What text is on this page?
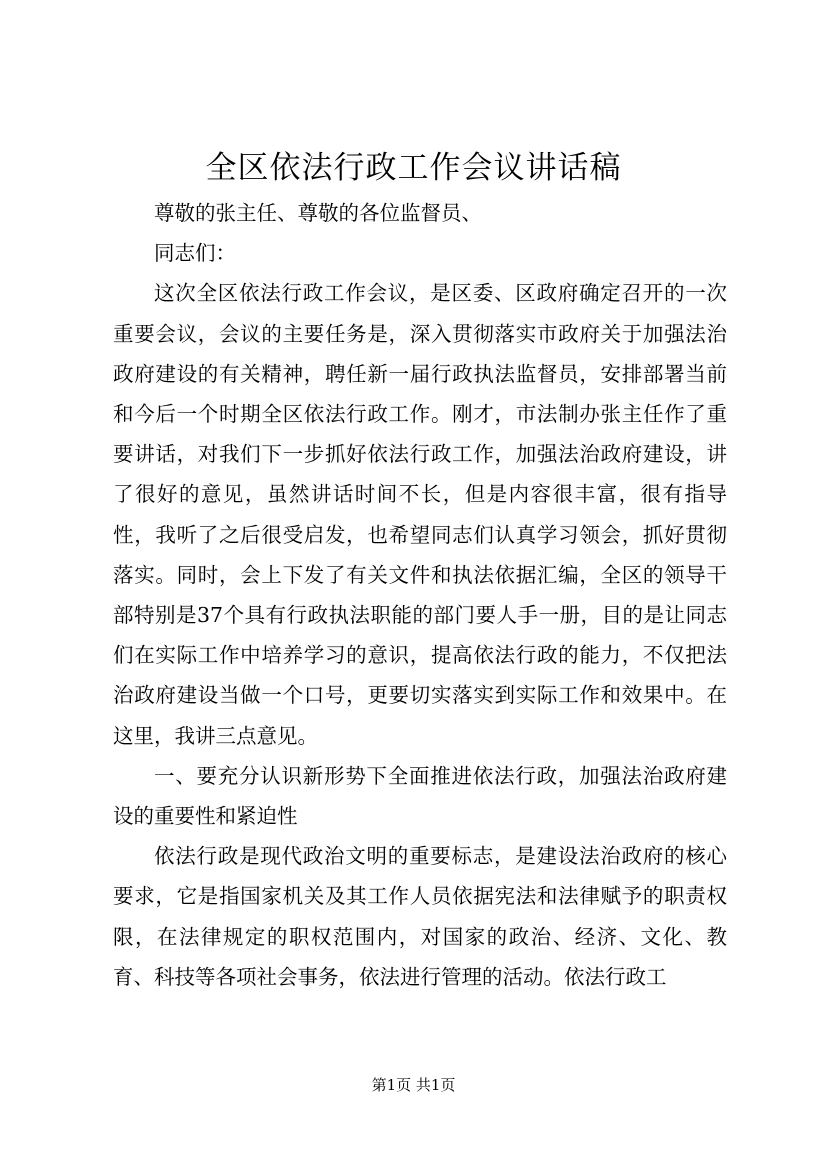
全区依法行政工作会议讲话稿

尊敬的张主任、尊敬的各位监督员、

同志们：

这次全区依法行政工作会议，是区委、区政府确定召开的一次重要会议，会议的主要任务是，深入贯彻落实市政府关于加强法治政府建设的有关精神，聘任新一届行政执法监督员，安排部署当前和今后一个时期全区依法行政工作。刚才，市法制办张主任作了重要讲话，对我们下一步抓好依法行政工作，加强法治政府建设，讲了很好的意见，虽然讲话时间不长，但是内容很丰富，很有指导性，我听了之后很受启发，也希望同志们认真学习领会，抓好贯彻落实。同时，会上下发了有关文件和执法依据汇编，全区的领导干部特别是37个具有行政执法职能的部门要人手一册，目的是让同志们在实际工作中培养学习的意识，提高依法行政的能力，不仅把法治政府建设当做一个口号，更要切实落实到实际工作和效果中。在这里，我讲三点意见。

一、要充分认识新形势下全面推进依法行政，加强法治政府建设的重要性和紧迫性

依法行政是现代政治文明的重要标志，是建设法治政府的核心要求，它是指国家机关及其工作人员依据宪法和法律赋予的职责权限，在法律规定的职权范围内，对国家的政治、经济、文化、教育、科技等各项社会事务，依法进行管理的活动。依法行政工

第1页 共1页
